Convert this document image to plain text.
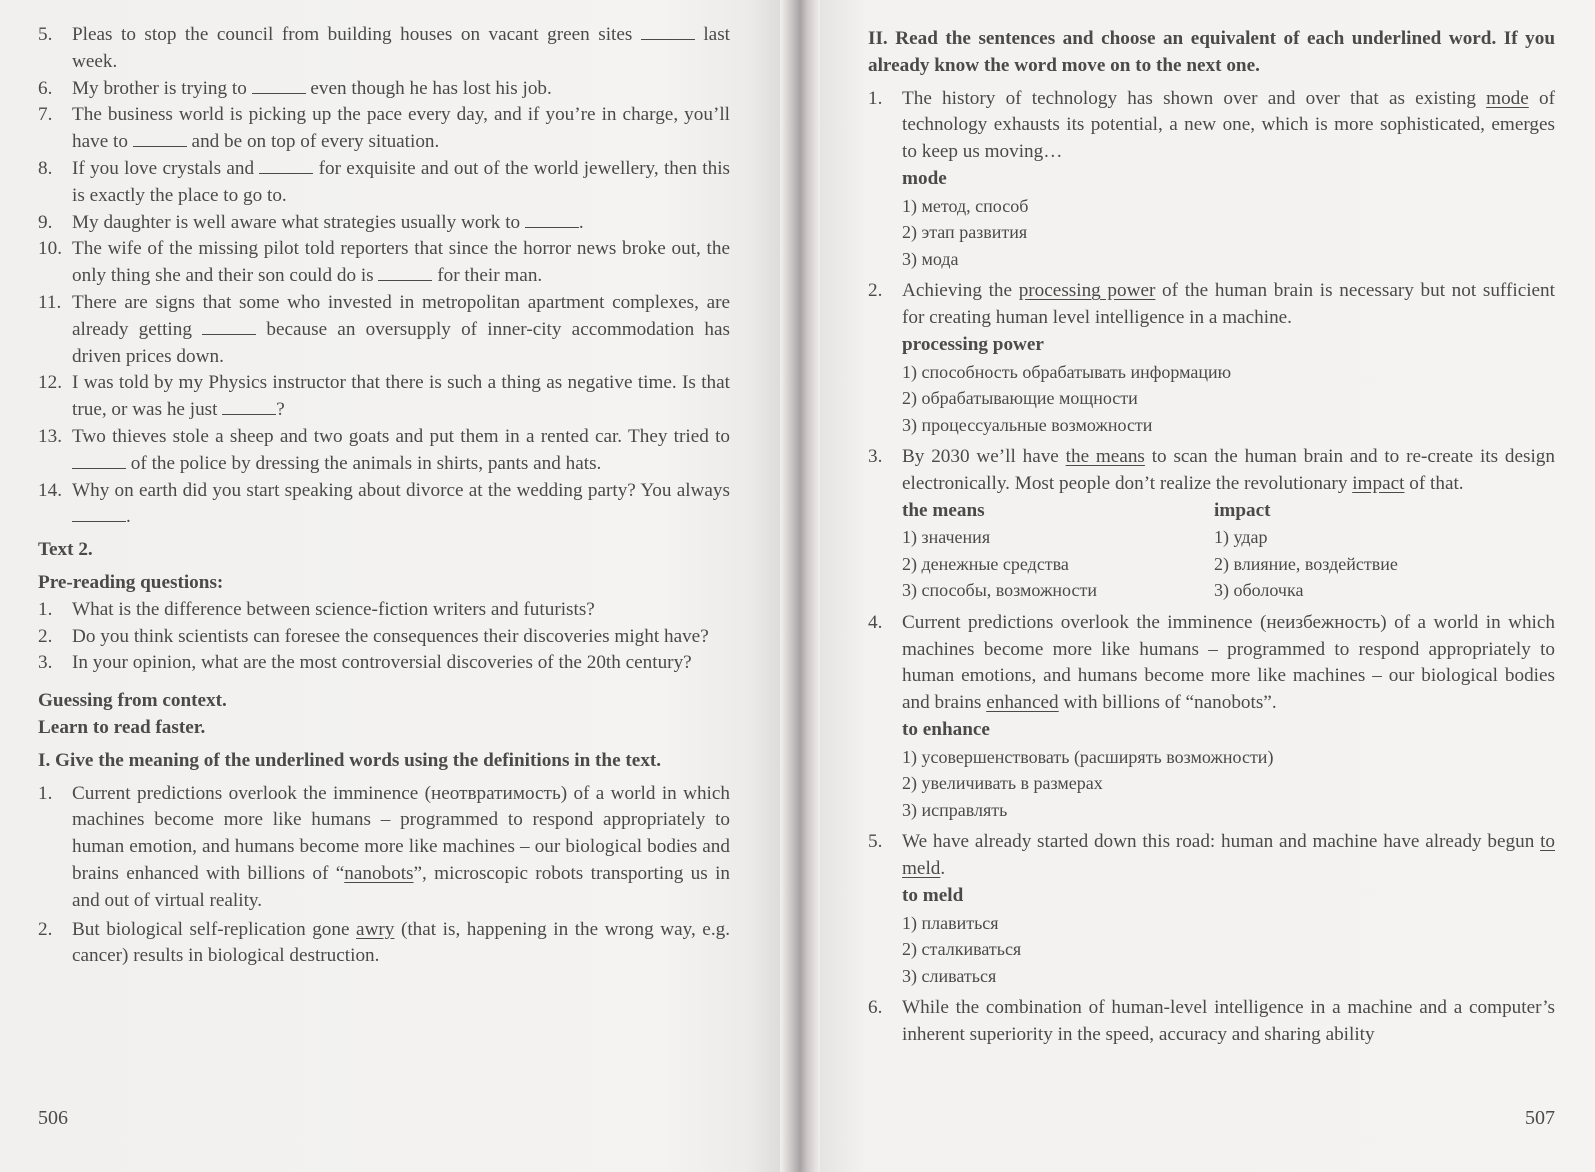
5.	Pleas to stop the council from building houses on vacant green sites	last week.
6.	My brother is trying to	even though he has lost his job.
7.	The business world is picking up the pace every day, and if you’re in charge, you’ll have to	and be on top of every situation.
8.	If you love crystals and	for exquisite and out of the world jewellery, then this is exactly the place to go to.
9.	My daughter is well aware what strategies usually work to	.
10. The wife of the missing pilot told reporters that since the horror news broke out, the only thing she and their son could do is	for their man.
11. There are signs that some who invested in metropolitan apartment complexes, are already getting	because an oversupply of inner-city accommodation has driven prices down.
12. I was told by my Physics instructor that there is such a thing as negative time. Is that true, or was he just	?
13. Two thieves stole a sheep and two goats and put them in a rented car. They tried to  of the police by dressing the animals in shirts, pants and hats.
14. Why on earth did you start speaking about divorce at the wedding party? You always .
Text 2.
Pre-reading questions:
1.	What is the difference between science-fiction writers and futurists?
2.	Do you think scientists can foresee the consequences their discoveries might have?
3.	In your opinion, what are the most controversial discoveries of the 20th century?
Guessing from context.
Learn to read faster.
I. Give the meaning of the underlined words using the definitions in the text.
1.	Current predictions overlook the imminence (неотвратимость) of a world in which machines become more like humans – programmed to respond appropriately to human emotion, and humans become more like machines – our biological bodies and brains enhanced with billions of “nanobots”, microscopic robots transporting us in and out of virtual reality.
2.	But biological self-replication gone awry (that is, happening in the wrong way, e.g. cancer) results in biological destruction.
506
II. Read the sentences and choose an equivalent of each underlined word. If you already know the word move on to the next one.
1.	The history of technology has shown over and over that as existing mode of technology exhausts its potential, a new one, which is more sophisticated, emerges to keep us moving…
mode
1) метод, способ
2) этап развития
3) мода
2.	Achieving the processing power of the human brain is necessary but not sufficient for creating human level intelligence in a machine.
processing power
1) способность обрабатывать информацию
2) обрабатывающие мощности
3) процессуальные возможности
3.	By 2030 we’ll have the means to scan the human brain and to re-create its design electronically. Most people don’t realize the revolutionary impact of that.
the means	impact
1) значения	1) удар
2) денежные средства	2) влияние, воздействие
3) способы, возможности	3) оболочка
4.	Current predictions overlook the imminence (неизбежность) of a world in which machines become more like humans – programmed to respond appropriately to human emotions, and humans become more like machines – our biological bodies and brains enhanced with billions of “nanobots”.
to enhance
1) усовершенствовать (расширять возможности)
2) увеличивать в размерах
3) исправлять
5.	We have already started down this road: human and machine have already begun to meld.
to meld
1) плавиться
2) сталкиваться
3) сливаться
6.	While the combination of human-level intelligence in a machine and a computer’s inherent superiority in the speed, accuracy and sharing ability
507
